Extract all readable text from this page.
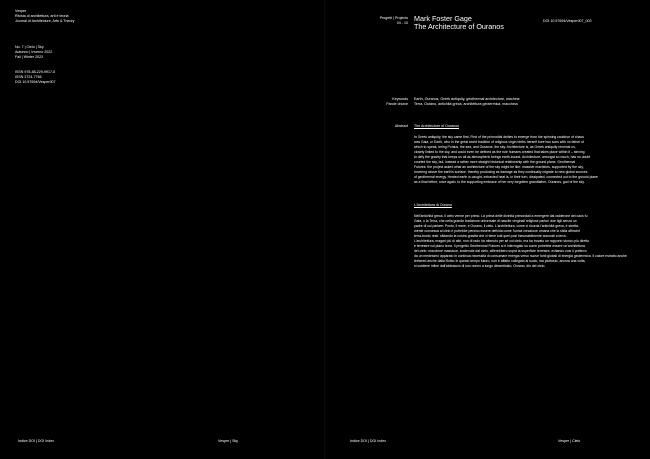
Vesper
Rivista di architettura, arti e teoria
Journal of Architecture, Arts & Theory
No. 7 | Cielo | Sky
Autunno | Inverno 2022
Fall | Winter 2022
ISSN 978-88-229-9917-5
ISSN 2724-7766
DOI 10.57694/Vesper007
Indice DOI | DOI Index	Vesper | Sky
Progetti | Projects
04 - 10 Mark Foster Gage
The Architecture of Ouranos
DOI 10.57694/Vesper007_003
Keywords
Parole chiave
Earth, Ouranos, Greek antiquity, geothermal architecture, machine
Terra, Ourano, antichità greca, architettura geotermica, macchina
Abstract The Architecture of Ouranos
In Greek antiquity, the sky came first. First of the primordial deities to emerge from the spinning cauldron of chaos
was Gaia, or Earth, who in the great world tradition of religious virgin births herself bore two sons with no father of
which to speak, being Pontus, the sea, and Ouranos, the sky. Architecture is, as Greek antiquity reminds us,
closely linked to the sky, and could even be defined as the rule humans created that takes place within it – striving
to defy the gravity that keeps us all as atmospheric beings earth-bound. Architecture, amongst so much, has no doubt
courted the sky, but, instead a rather more straight historical relationship with the ground plane. Geothermal
Futures: the project asked what an architecture of the sky might be like: massive machines, supported by the sky,
hovering above the earth's surface, thereby producing as damage as they continually migrate to new global sources
of geothermal energy. Heated earth is caught, extracted heat is, in their turn, dissipated, connected out to the ground plane
as a final tether, once again, to the supporting embrace of her very forgotten grandfather, Ouranos, god of the sky.
L'Architettura di Ourano
Nell'antichità greca, il cielo venne per primo. La prima delle divinità primordiali a emergere dal calderone del caos fu
Gaia, o la Terra, che nella grande tradizione universale di nascite verginali religiose partorì due figli senza un
padre di cui parlare: Ponto, il mare, e Ourano, il cielo. L'architettura, come ci ricorda l'antichità greca, è stretta-
mente connessa al cielo e potrebbe persino essere definita come l'unica creazione umana che lo sfida affinché
terra-bordo resti, sfidando la nostra gravità che ci tiene tutti quei posi inesorabilmente ancorati a terra.
L'architettura, magari più di altri, non di rado ha ottenuto per sé col cielo, ma ha trovato un rapporto storico più diretto
e terrestre col piano terra. Il progetto Geothermal Futures si è interrogato su come potrebbe essere un'architettura
del cielo: macchine massicce, sostenute dal cielo, sfilerebbero sopra la superficie terrestre, evitando così il prelievo
da un medesimo apparato in continua necessità di consumare energia verso nuove fonti globali di energia geotermica. Il calore estratto anche
tethered anche dalla Rotta: in questo tempo futuro, non è affatto collegato al suolo, ma piuttosto, ancora una volta,
si sostiene infine dall'abbraccio di suo nonno a lungo dimenticato, Ourano, dio del cielo.
Indice DOI | DOI Index	Vesper | Cielo
